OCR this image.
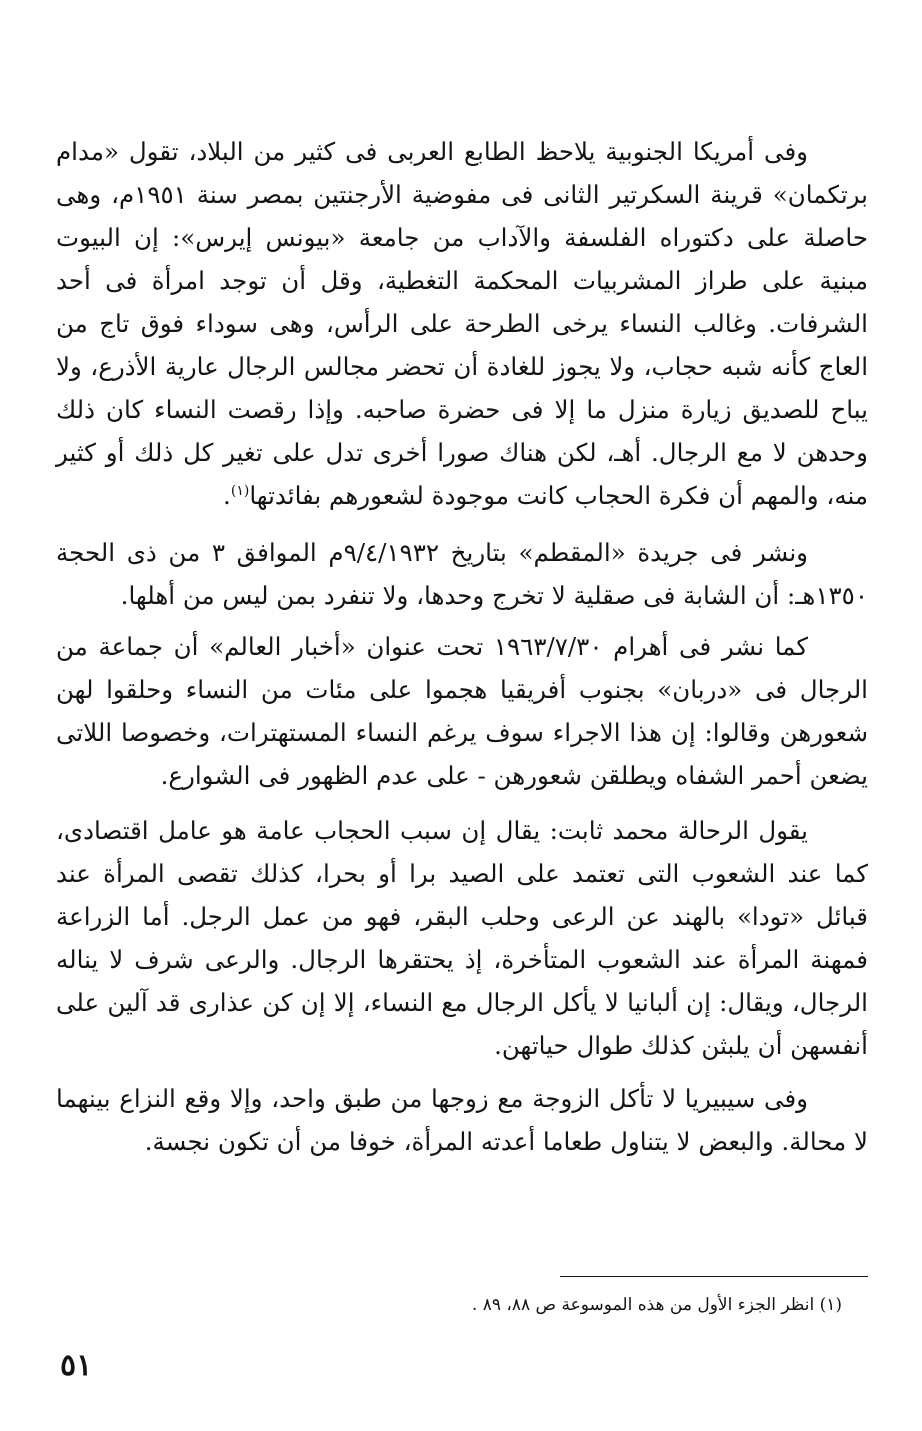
وفى أمريكا الجنوبية يلاحظ الطابع العربى فى كثير من البلاد، تقول «مدام برتكمان» قرينة السكرتير الثانى فى مفوضية الأرجنتين بمصر سنة ١٩٥١م، وهى حاصلة على دكتوراه الفلسفة والآداب من جامعة «بيونس إيرس»: إن البيوت مبنية على طراز المشربيات المحكمة التغطية، وقل أن توجد امرأة فى أحد الشرفات. وغالب النساء يرخى الطرحة على الرأس، وهى سوداء فوق تاج من العاج كأنه شبه حجاب، ولا يجوز للغادة أن تحضر مجالس الرجال عارية الأذرع، ولا يباح للصديق زيارة منزل ما إلا فى حضرة صاحبه. وإذا رقصت النساء كان ذلك وحدهن لا مع الرجال. أهـ، لكن هناك صورا أخرى تدل على تغير كل ذلك أو كثير منه، والمهم أن فكرة الحجاب كانت موجودة لشعورهم بفائدتها$^{(١)}$.

ونشر فى جريدة «المقطم» بتاريخ ٩/٤/١٩٣٢م الموافق ٣ من ذى الحجة ١٣٥٠هـ: أن الشابة فى صقلية لا تخرج وحدها، ولا تنفرد بمن ليس من أهلها.

كما نشر فى أهرام ١٩٦٣/٧/٣٠ تحت عنوان «أخبار العالم» أن جماعة من الرجال فى «دربان» بجنوب أفريقيا هجموا على مئات من النساء وحلقوا لهن شعورهن وقالوا: إن هذا الاجراء سوف يرغم النساء المستهترات، وخصوصا اللاتى يضعن أحمر الشفاه ويطلقن شعورهن - على عدم الظهور فى الشوارع.

يقول الرحالة محمد ثابت: يقال إن سبب الحجاب عامة هو عامل اقتصادى، كما عند الشعوب التى تعتمد على الصيد برا أو بحرا، كذلك تقصى المرأة عند قبائل «تودا» بالهند عن الرعى وحلب البقر، فهو من عمل الرجل. أما الزراعة فمهنة المرأة عند الشعوب المتأخرة، إذ يحتقرها الرجال. والرعى شرف لا يناله الرجال، ويقال: إن ألبانيا لا يأكل الرجال مع النساء، إلا إن كن عذارى قد آلين على أنفسهن أن يلبثن كذلك طوال حياتهن.

وفى سيبيريا لا تأكل الزوجة مع زوجها من طبق واحد، وإلا وقع النزاع بينهما لا محالة. والبعض لا يتناول طعاما أعدته المرأة، خوفا من أن تكون نجسة.

(١) انظر الجزء الأول من هذه الموسوعة ص ٨٨، ٨٩ .
٥١
